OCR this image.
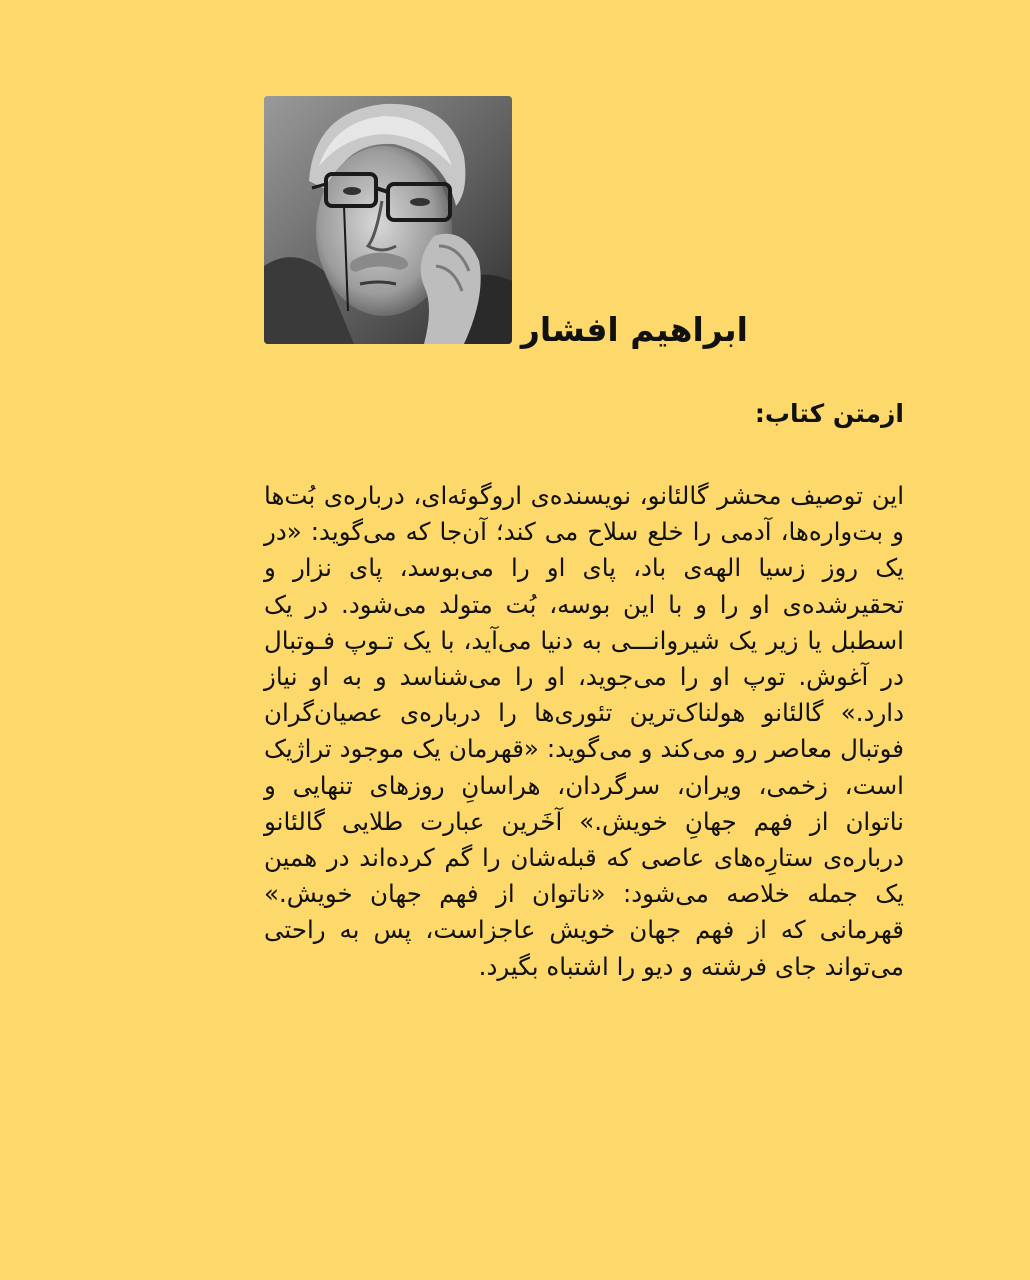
ابراهیم افشار
ازمتن کتاب:

این توصیف محشر گالئانو، نویسنده‌ی اروگوئه‌ای، درباره‌ی بُت‌ها و بت‌واره‌ها، آدمی را خلع سلاح می کند؛ آن‌جا که می‌گوید: «در یک روز زسیا الهه‌ی باد، پای او را می‌بوسد، پای نزار و تحقیرشده‌ی او را و با این بوسه، بُت متولد می‌شود. در یک اسطبل یا زیر یک شیروانـــی به دنیا می‌آید، با یک تـوپ فـوتبال در آغوش. توپ او را می‌جوید، او را می‌شناسد و به او نیاز دارد.» گالئانو هولناک‌ترین تئوری‌ها را درباره‌ی عصیان‌گران فوتبال معاصر رو می‌کند و می‌گوید: «قهرمان یک موجود تراژیک است، زخمی، ویران، سرگردان، هراسانِ روزهای تنهایی و ناتوان از فهم جهانِ خویش.» آخَرین عبارت طلایی گالئانو درباره‌ی ستارِه‌های عاصی که قبله‌شان را گم کرده‌اند در همین یک جمله خلاصه می‌شود: «ناتوان از فهم جهان خویش.» قهرمانی که از فهم جهان خویش عاجزاست، پس به راحتی می‌تواند جای فرشته و دیو را اشتباه بگیرد.
